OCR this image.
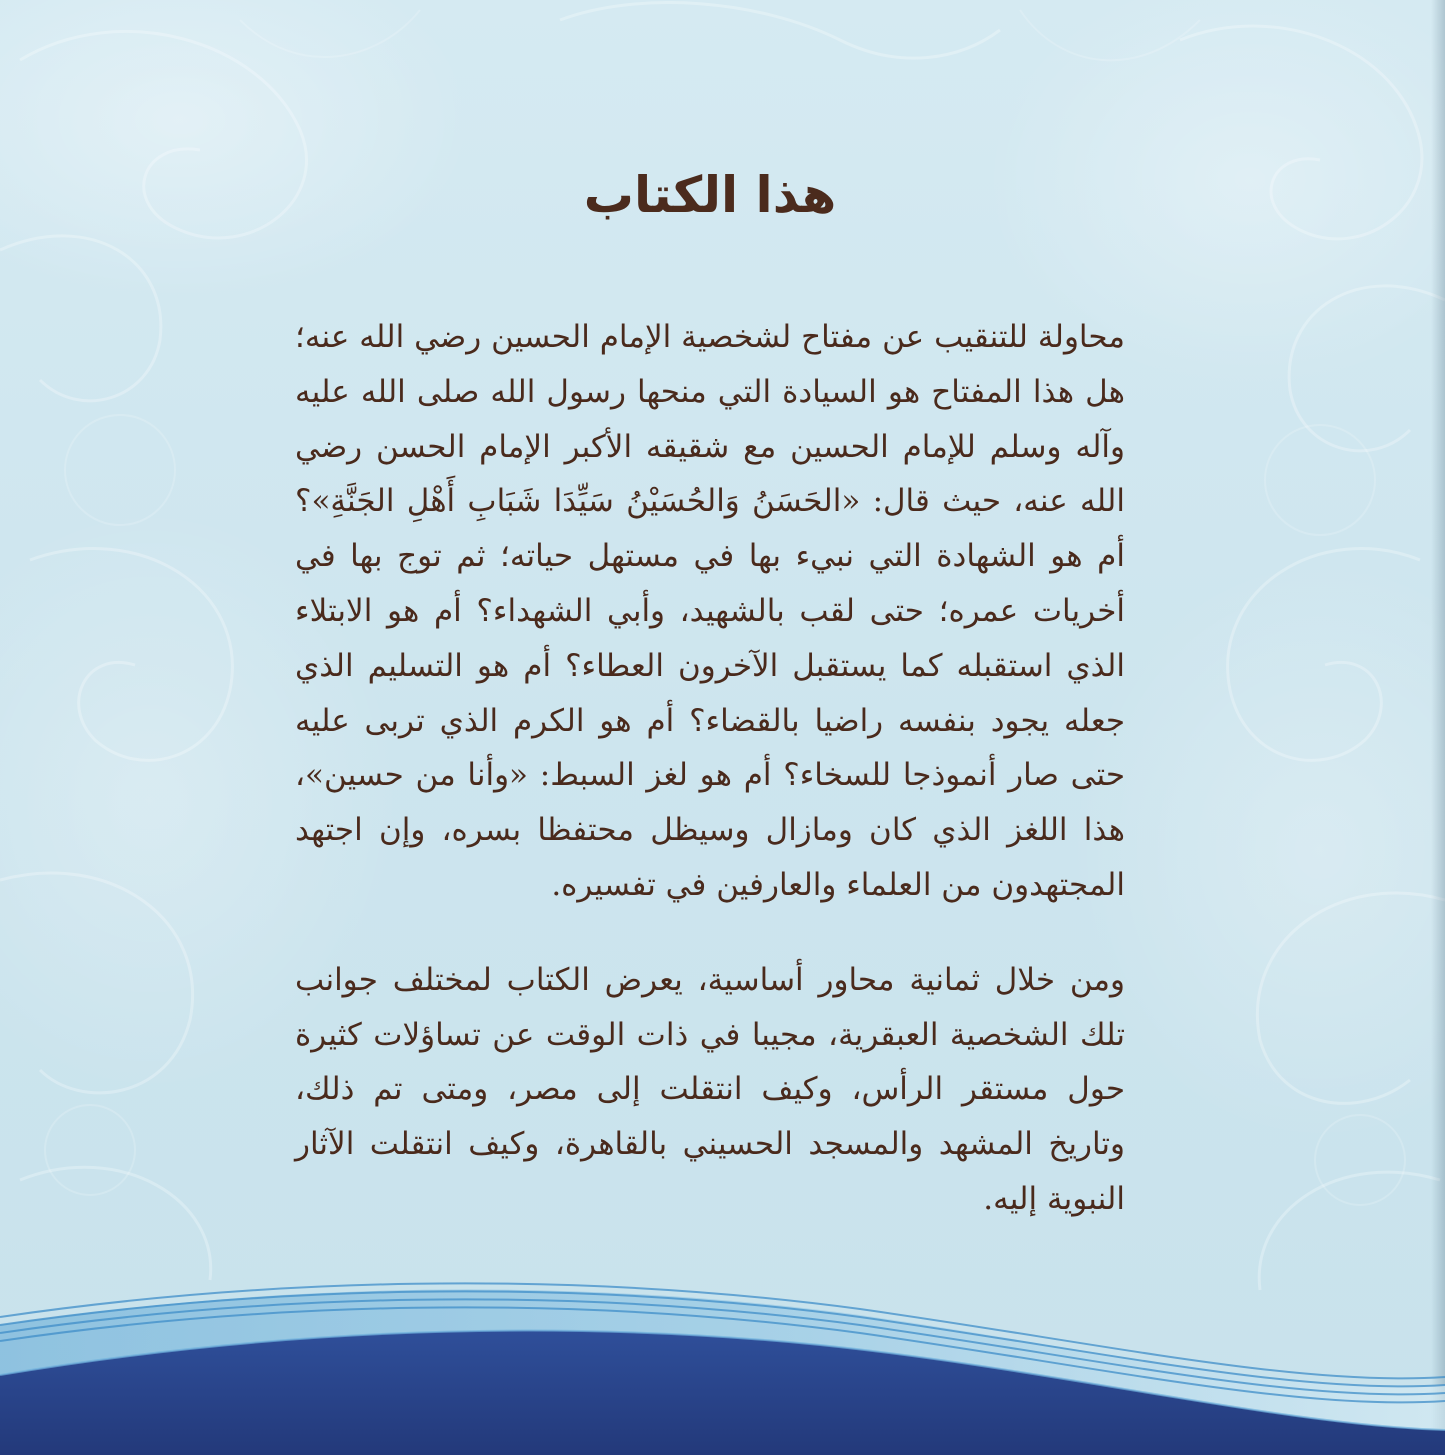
هذا الكتاب

محاولة للتنقيب عن مفتاح لشخصية الإمام الحسين رضي الله عنه؛ هل هذا المفتاح هو السيادة التي منحها رسول الله صلى الله عليه وآله وسلم للإمام الحسين مع شقيقه الأكبر الإمام الحسن رضي الله عنه، حيث قال: «الحَسَنُ وَالحُسَيْنُ سَيِّدَا شَبَابِ أَهْلِ الجَنَّةِ»؟ أم هو الشهادة التي نبيء بها في مستهل حياته؛ ثم توج بها في أخريات عمره؛ حتى لقب بالشهيد، وأبي الشهداء؟ أم هو الابتلاء الذي استقبله كما يستقبل الآخرون العطاء؟ أم هو التسليم الذي جعله يجود بنفسه راضيا بالقضاء؟ أم هو الكرم الذي تربى عليه حتى صار أنموذجا للسخاء؟ أم هو لغز السبط: «وأنا من حسين»، هذا اللغز الذي كان ومازال وسيظل محتفظا بسره، وإن اجتهد المجتهدون من العلماء والعارفين في تفسيره.

ومن خلال ثمانية محاور أساسية، يعرض الكتاب لمختلف جوانب تلك الشخصية العبقرية، مجيبا في ذات الوقت عن تساؤلات كثيرة حول مستقر الرأس، وكيف انتقلت إلى مصر، ومتى تم ذلك، وتاريخ المشهد والمسجد الحسيني بالقاهرة، وكيف انتقلت الآثار النبوية إليه.
